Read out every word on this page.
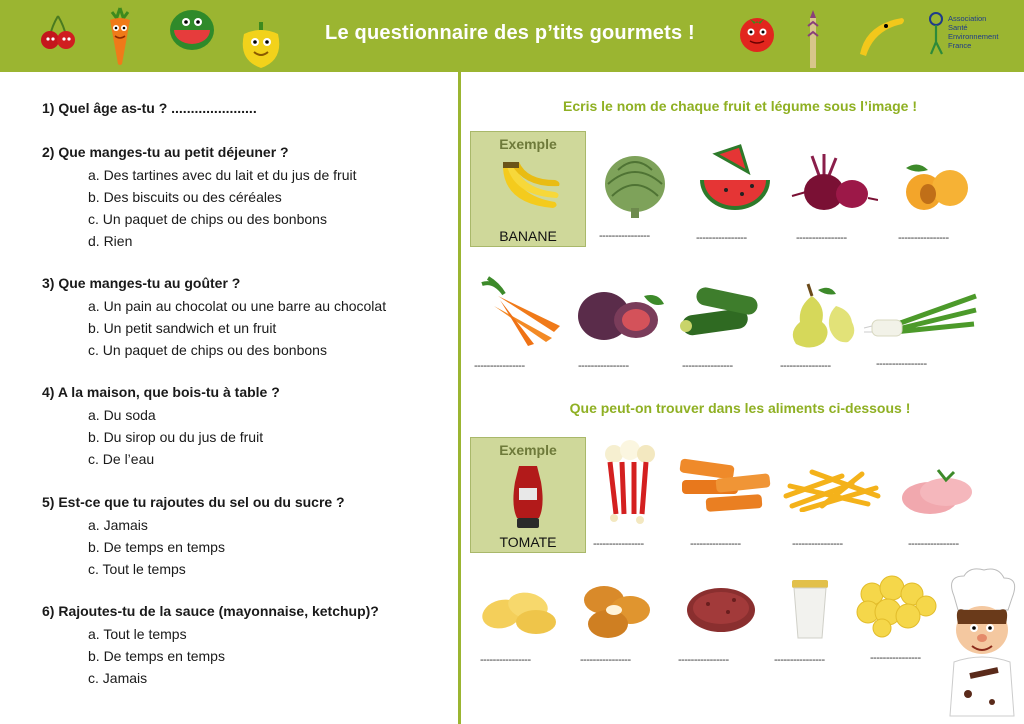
Le questionnaire des p’tits gourmets !
Association
Santé
Environnement
France
1) Quel âge as-tu ? ......................
2) Que manges-tu au petit déjeuner ?
a. Des tartines avec du lait et du jus de fruit
b. Des biscuits ou des céréales
c. Un paquet de chips ou des bonbons
d. Rien
3) Que manges-tu au goûter ?
a. Un pain au chocolat ou une barre au chocolat
b. Un petit sandwich et un fruit
c. Un paquet de chips ou des bonbons
4) A la maison, que bois-tu à table ?
a. Du soda
b. Du sirop ou du jus de fruit
c. De l’eau
5) Est-ce que tu rajoutes du sel ou du sucre ?
a. Jamais
b. De temps en temps
c. Tout le temps
6) Rajoutes-tu de la sauce (mayonnaise, ketchup)?
a. Tout le temps
b. De temps en temps
c. Jamais
Ecris le nom de chaque fruit et légume sous l’image !
Exemple
BANANE	----------------	----------------	----------------	----------------
----------------	----------------	----------------	----------------	----------------
Que peut-on trouver dans les aliments ci-dessous !
Exemple
TOMATE	----------------	----------------	----------------	----------------
----------------	----------------	----------------	----------------	----------------
